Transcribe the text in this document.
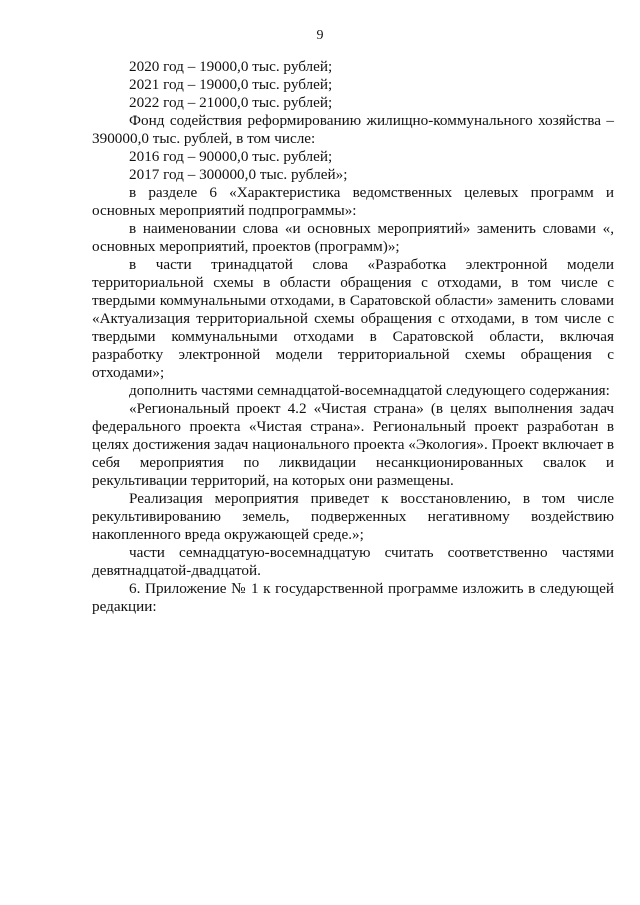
9

2020 год – 19000,0 тыс. рублей;

2021 год – 19000,0 тыс. рублей;

2022 год – 21000,0 тыс. рублей;

Фонд содействия реформированию жилищно-коммунального хозяйства – 390000,0 тыс. рублей, в том числе:

2016 год – 90000,0 тыс. рублей;

2017 год – 300000,0 тыс. рублей»;

в разделе 6 «Характеристика ведомственных целевых программ и основных мероприятий подпрограммы»:

в наименовании слова «и основных мероприятий» заменить словами «, основных мероприятий, проектов (программ)»;

в части тринадцатой слова «Разработка электронной модели территориальной схемы в области обращения с отходами, в том числе с твердыми коммунальными отходами, в Саратовской области» заменить словами «Актуализация территориальной схемы обращения с отходами, в том числе с твердыми коммунальными отходами в Саратовской области, включая разработку электронной модели территориальной схемы обращения с отходами»;

дополнить частями семнадцатой-восемнадцатой следующего содержания:

«Региональный проект 4.2 «Чистая страна» (в целях выполнения задач федерального проекта «Чистая страна». Региональный проект разработан в целях достижения задач национального проекта «Экология». Проект включает в себя мероприятия по ликвидации несанкционированных свалок и рекультивации территорий, на которых они размещены.

Реализация мероприятия приведет к восстановлению, в том числе рекультивированию земель, подверженных негативному воздействию накопленного вреда окружающей среде.»;

части семнадцатую-восемнадцатую считать соответственно частями девятнадцатой-двадцатой.

6. Приложение № 1 к государственной программе изложить в следующей редакции:
